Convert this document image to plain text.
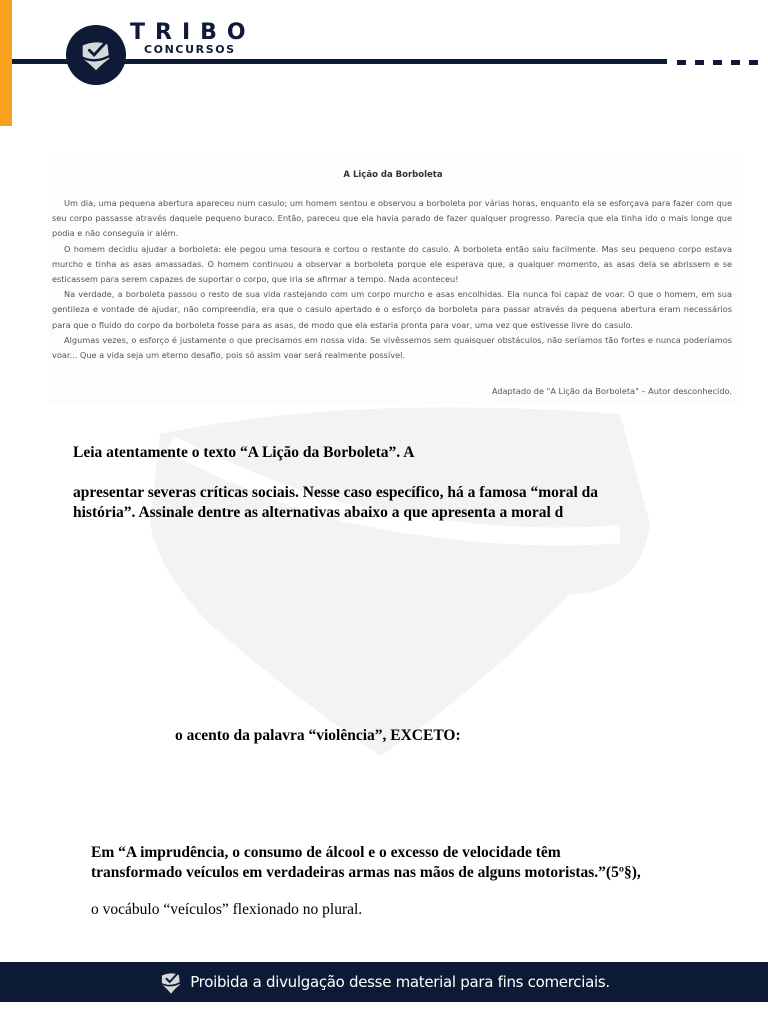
TRIBO
CONCURSOS
A Lição da Borboleta

Um dia, uma pequena abertura apareceu num casulo; um homem sentou e observou a borboleta por várias horas, enquanto ela se esforçava para fazer com que seu corpo passasse através daquele pequeno buraco. Então, pareceu que ela havia parado de fazer qualquer progresso. Parecia que ela tinha ido o mais longe que podia e não conseguia ir além.

O homem decidiu ajudar a borboleta: ele pegou uma tesoura e cortou o restante do casulo. A borboleta então saiu facilmente. Mas seu pequeno corpo estava murcho e tinha as asas amassadas. O homem continuou a observar a borboleta porque ele esperava que, a qualquer momento, as asas dela se abrissem e se esticassem para serem capazes de suportar o corpo, que iria se afirmar a tempo. Nada aconteceu!

Na verdade, a borboleta passou o resto de sua vida rastejando com um corpo murcho e asas encolhidas. Ela nunca foi capaz de voar. O que o homem, em sua gentileza e vontade de ajudar, não compreendia, era que o casulo apertado e o esforço da borboleta para passar através da pequena abertura eram necessários para que o fluido do corpo da borboleta fosse para as asas, de modo que ela estaria pronta para voar, uma vez que estivesse livre do casulo.

Algumas vezes, o esforço é justamente o que precisamos em nossa vida. Se vivêssemos sem quaisquer obstáculos, não seríamos tão fortes e nunca poderíamos voar... Que a vida seja um eterno desafio, pois só assim voar será realmente possível.

Adaptado de "A Lição da Borboleta" – Autor desconhecido.
Leia atentamente o texto “A Lição da Borboleta”. A
apresentar severas críticas sociais. Nesse caso específico, há a famosa “moral da
história”. Assinale dentre as alternativas abaixo a que apresenta a moral d
o acento da palavra “violência”, EXCETO:
Em “A imprudência, o consumo de álcool e o excesso de velocidade têm
transformado veículos em verdadeiras armas nas mãos de alguns motoristas.”(5º§),
o vocábulo “veículos” flexionado no plural.
Proibida a divulgação desse material para fins comerciais.
